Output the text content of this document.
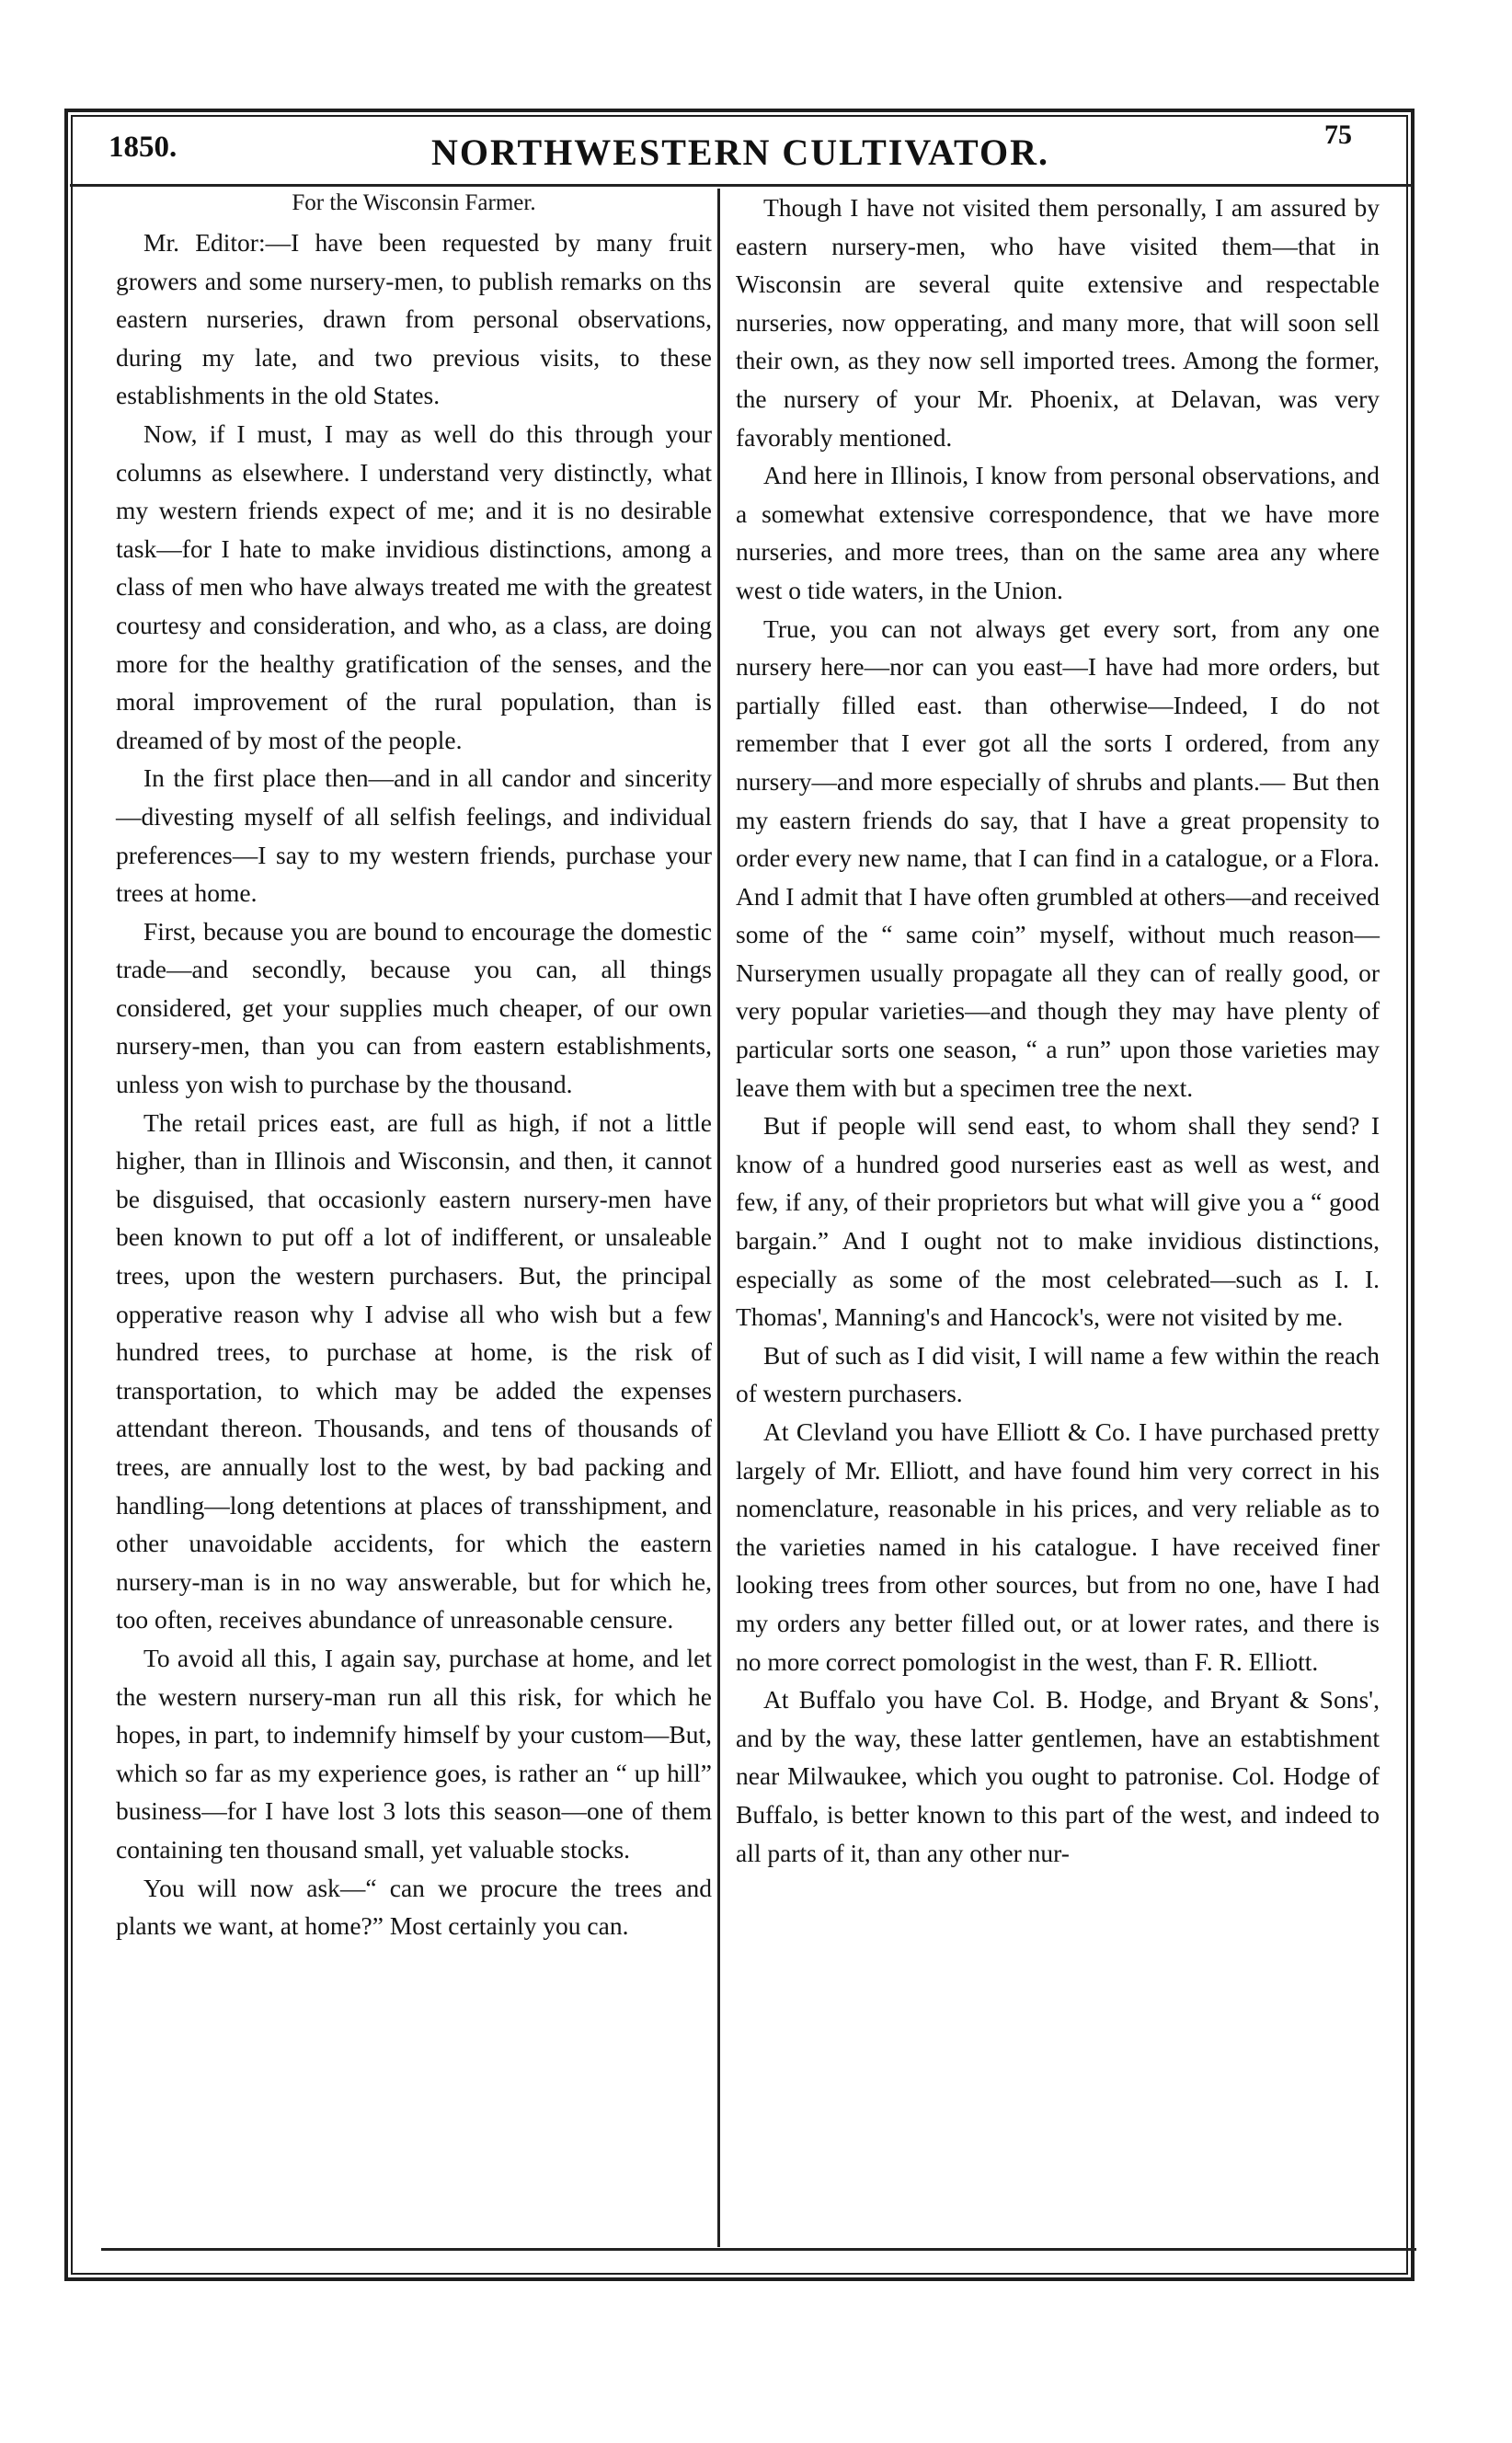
1850.	NORTHWESTERN CULTIVATOR.	75

For the Wisconsin Farmer.

Mr. Editor:—I have been requested by many fruit growers and some nursery-men, to publish remarks on ths eastern nurseries, drawn from personal observations, during my late, and two previous visits, to these establishments in the old States.

Now, if I must, I may as well do this through your columns as elsewhere. I understand very distinctly, what my western friends expect of me; and it is no desirable task—for I hate to make invidious distinctions, among a class of men who have always treated me with the greatest courtesy and consideration, and who, as a class, are doing more for the healthy gratification of the senses, and the moral improvement of the rural population, than is dreamed of by most of the people.

In the first place then—and in all candor and sincerity—divesting myself of all selfish feelings, and individual preferences—I say to my western friends, purchase your trees at home.

First, because you are bound to encourage the domestic trade—and secondly, because you can, all things considered, get your supplies much cheaper, of our own nursery-men, than you can from eastern establishments, unless yon wish to purchase by the thousand.

The retail prices east, are full as high, if not a little higher, than in Illinois and Wisconsin, and then, it cannot be disguised, that occasionly eastern nursery-men have been known to put off a lot of indifferent, or unsaleable trees, upon the western purchasers. But, the principal opperative reason why I advise all who wish but a few hundred trees, to purchase at home, is the risk of transportation, to which may be added the expenses attendant thereon. Thousands, and tens of thousands of trees, are annually lost to the west, by bad packing and handling—long detentions at places of transshipment, and other unavoidable accidents, for which the eastern nursery-man is in no way answerable, but for which he, too often, receives abundance of unreasonable censure.

To avoid all this, I again say, purchase at home, and let the western nursery-man run all this risk, for which he hopes, in part, to indemnify himself by your custom—But, which so far as my experience goes, is rather an “ up hill” business—for I have lost 3 lots this season—one of them containing ten thousand small, yet valuable stocks.

You will now ask—“ can we procure the trees and plants we want, at home?” Most certainly you can.

Though I have not visited them personally, I am assured by eastern nursery-men, who have visited them—that in Wisconsin are several quite extensive and respectable nurseries, now opperating, and many more, that will soon sell their own, as they now sell imported trees. Among the former, the nursery of your Mr. Phoenix, at Delavan, was very favorably mentioned.

And here in Illinois, I know from personal observations, and a somewhat extensive correspondence, that we have more nurseries, and more trees, than on the same area any where west o tide waters, in the Union.

True, you can not always get every sort, from any one nursery here—nor can you east—I have had more orders, but partially filled east. than otherwise—Indeed, I do not remember that I ever got all the sorts I ordered, from any nursery—and more especially of shrubs and plants.— But then my eastern friends do say, that I have a great propensity to order every new name, that I can find in a catalogue, or a Flora. And I admit that I have often grumbled at others—and received some of the “ same coin” myself, without much reason—Nurserymen usually propagate all they can of really good, or very popular varieties—and though they may have plenty of particular sorts one season, “ a run” upon those varieties may leave them with but a specimen tree the next.

But if people will send east, to whom shall they send? I know of a hundred good nurseries east as well as west, and few, if any, of their proprietors but what will give you a “ good bargain.” And I ought not to make invidious distinctions, especially as some of the most celebrated—such as I. I. Thomas', Manning's and Hancock's, were not visited by me.

But of such as I did visit, I will name a few within the reach of western purchasers.

At Clevland you have Elliott & Co. I have purchased pretty largely of Mr. Elliott, and have found him very correct in his nomenclature, reasonable in his prices, and very reliable as to the varieties named in his catalogue. I have received finer looking trees from other sources, but from no one, have I had my orders any better filled out, or at lower rates, and there is no more correct pomologist in the west, than F. R. Elliott.

At Buffalo you have Col. B. Hodge, and Bryant & Sons', and by the way, these latter gentlemen, have an estabtishment near Milwaukee, which you ought to patronise. Col. Hodge of Buffalo, is better known to this part of the west, and indeed to all parts of it, than any other nur-
